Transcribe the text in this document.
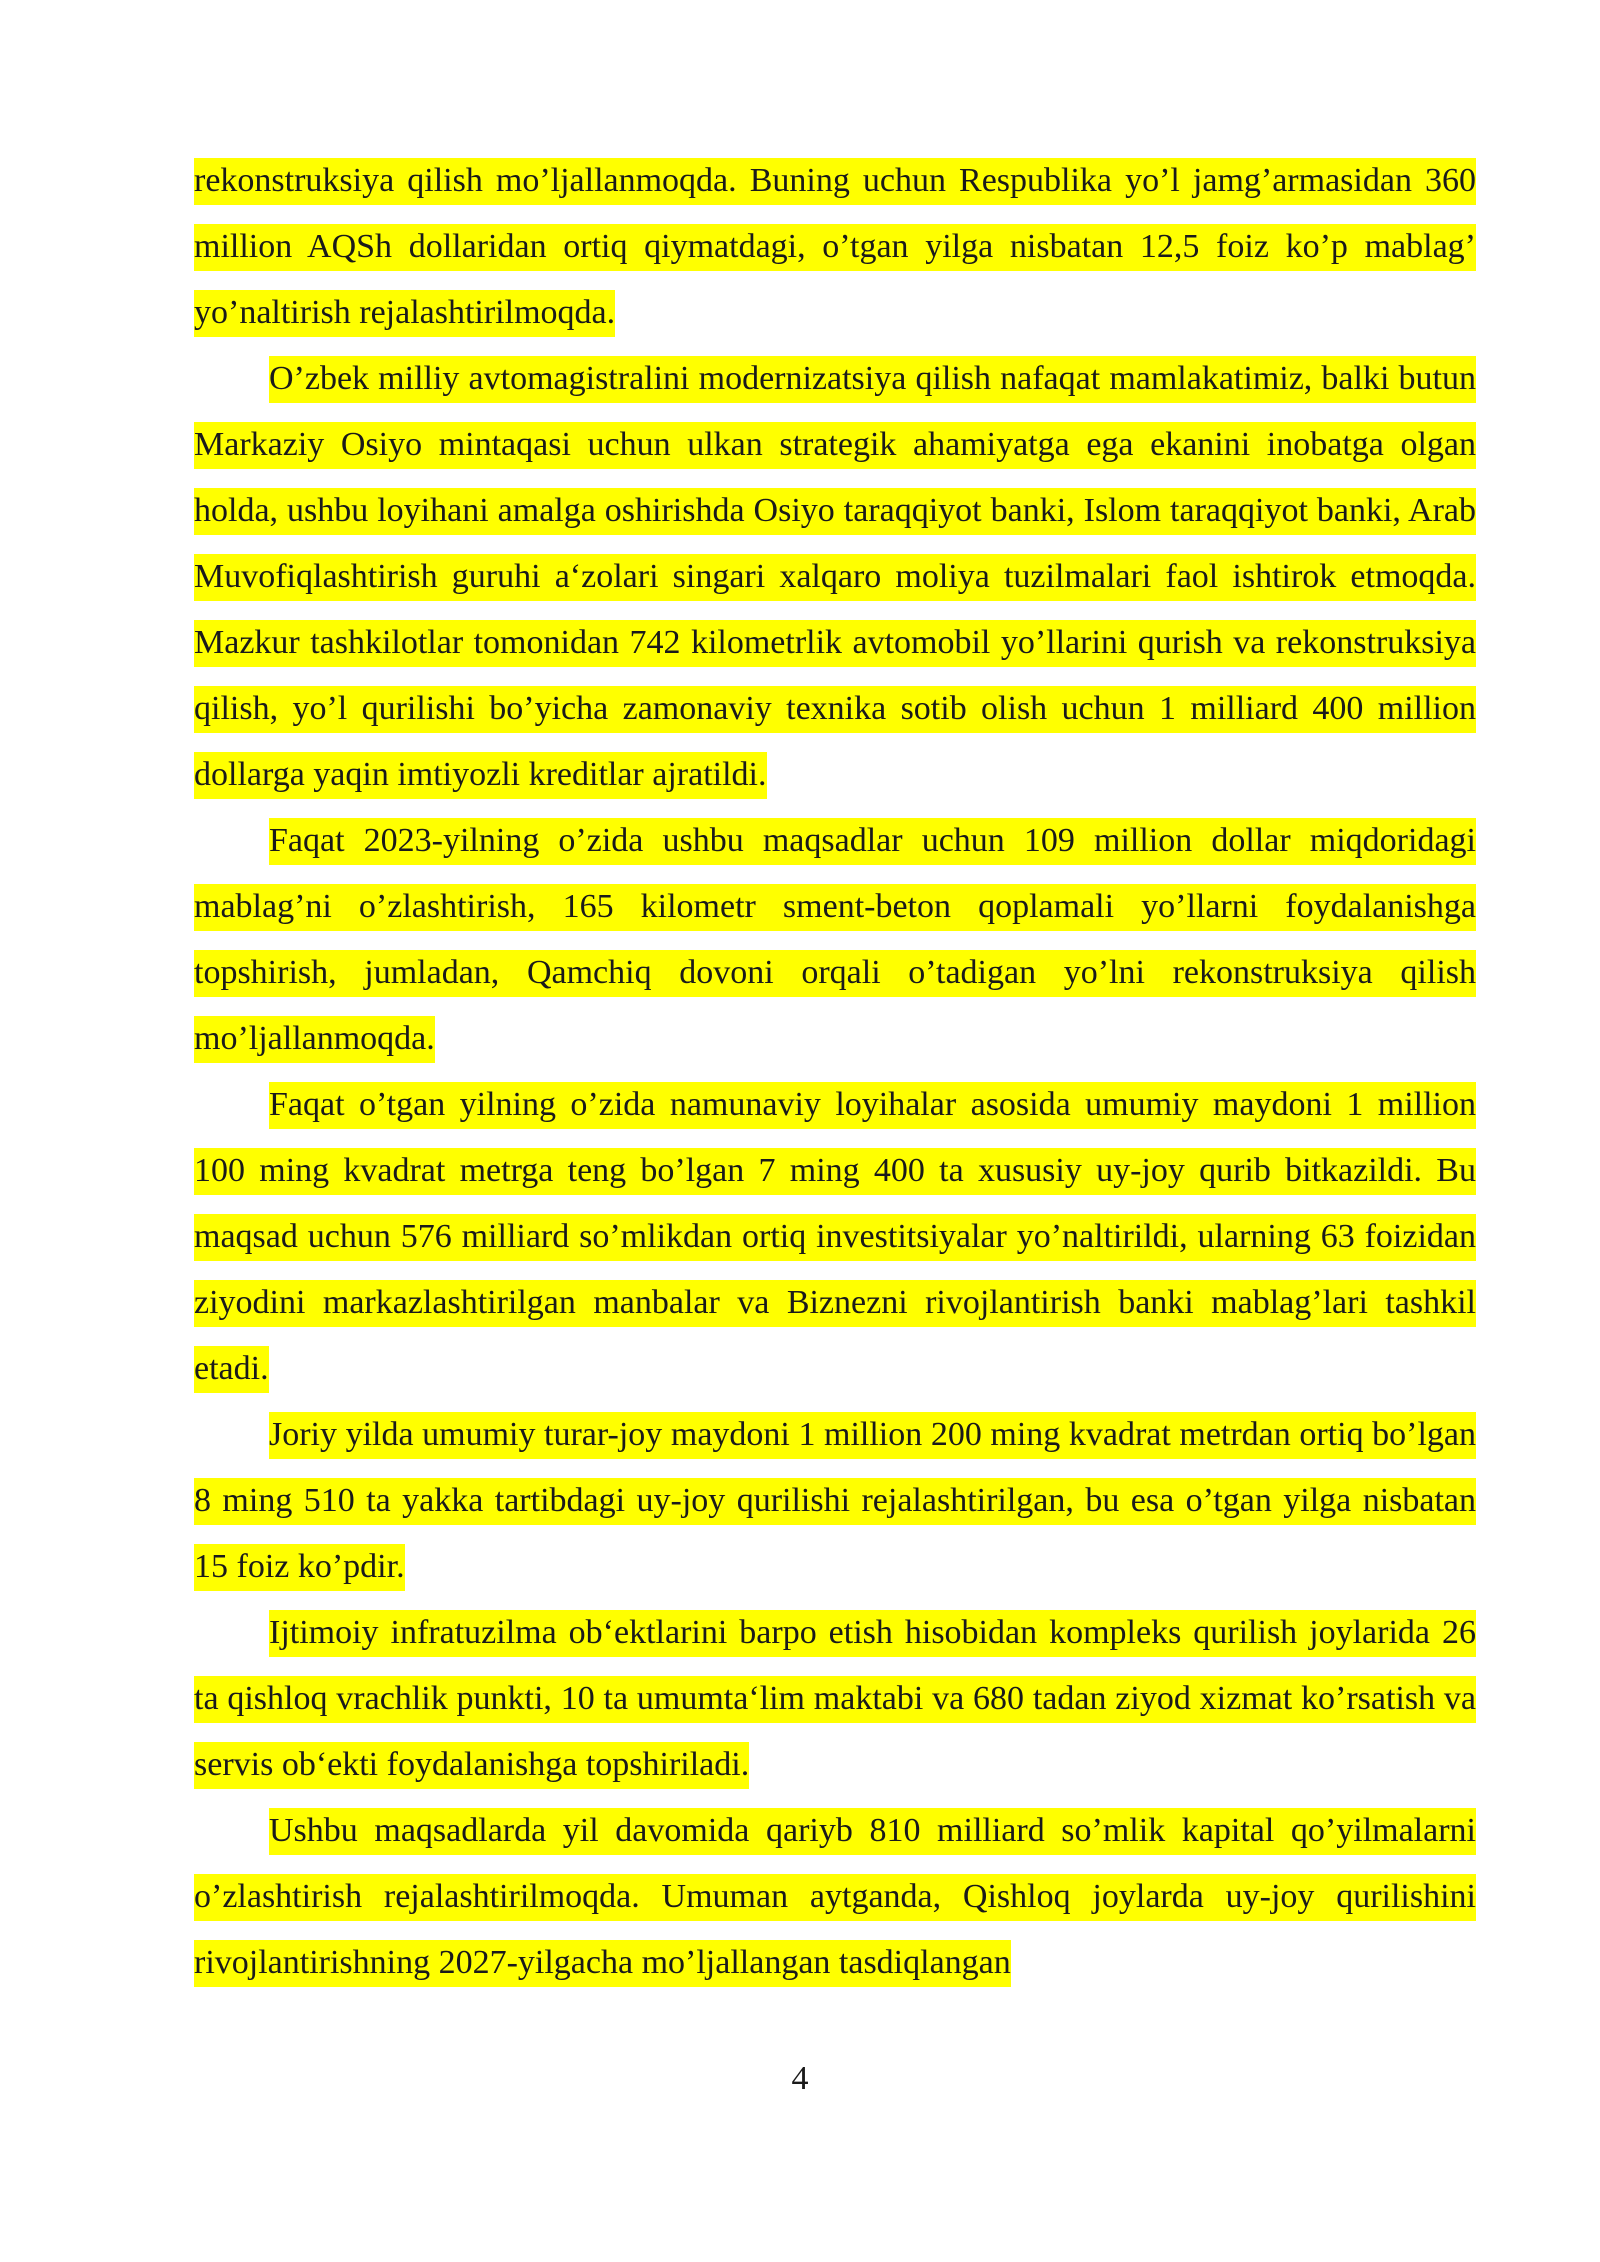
rekonstruksiya qilish mo’ljallanmoqda. Buning uchun Respublika yo’l jamg’armasidan 360 million AQSh dollaridan ortiq qiymatdagi, o’tgan yilga nisbatan 12,5 foiz ko’p mablag’ yo’naltirish rejalashtirilmoqda.

O’zbek milliy avtomagistralini modernizatsiya qilish nafaqat mamlakatimiz, balki butun Markaziy Osiyo mintaqasi uchun ulkan strategik ahamiyatga ega ekanini inobatga olgan holda, ushbu loyihani amalga oshirishda Osiyo taraqqiyot banki, Islom taraqqiyot banki, Arab Muvofiqlashtirish guruhi a‘zolari singari xalqaro moliya tuzilmalari faol ishtirok etmoqda. Mazkur tashkilotlar tomonidan 742 kilometrlik avtomobil yo’llarini qurish va rekonstruksiya qilish, yo’l qurilishi bo’yicha zamonaviy texnika sotib olish uchun 1 milliard 400 million dollarga yaqin imtiyozli kreditlar ajratildi.

Faqat 2023-yilning o’zida ushbu maqsadlar uchun 109 million dollar miqdoridagi mablag’ni o’zlashtirish, 165 kilometr sment-beton qoplamali yo’llarni foydalanishga topshirish, jumladan, Qamchiq dovoni orqali o’tadigan yo’lni rekonstruksiya qilish mo’ljallanmoqda.

Faqat o’tgan yilning o’zida namunaviy loyihalar asosida umumiy maydoni 1 million 100 ming kvadrat metrga teng bo’lgan 7 ming 400 ta xususiy uy-joy qurib bitkazildi. Bu maqsad uchun 576 milliard so’mlikdan ortiq investitsiyalar yo’naltirildi, ularning 63 foizidan ziyodini markazlashtirilgan manbalar va Biznezni rivojlantirish banki mablag’lari tashkil etadi.

Joriy yilda umumiy turar-joy maydoni 1 million 200 ming kvadrat metrdan ortiq bo’lgan 8 ming 510 ta yakka tartibdagi uy-joy qurilishi rejalashtirilgan, bu esa o’tgan yilga nisbatan 15 foiz ko’pdir.

Ijtimoiy infratuzilma ob‘ektlarini barpo etish hisobidan kompleks qurilish joylarida 26 ta qishloq vrachlik punkti, 10 ta umumta‘lim maktabi va 680 tadan ziyod xizmat ko’rsatish va servis ob‘ekti foydalanishga topshiriladi.

Ushbu maqsadlarda yil davomida qariyb 810 milliard so’mlik kapital qo’yilmalarni o’zlashtirish rejalashtirilmoqda. Umuman aytganda, Qishloq joylarda uy-joy qurilishini rivojlantirishning 2027-yilgacha mo’ljallangan tasdiqlangan

4
